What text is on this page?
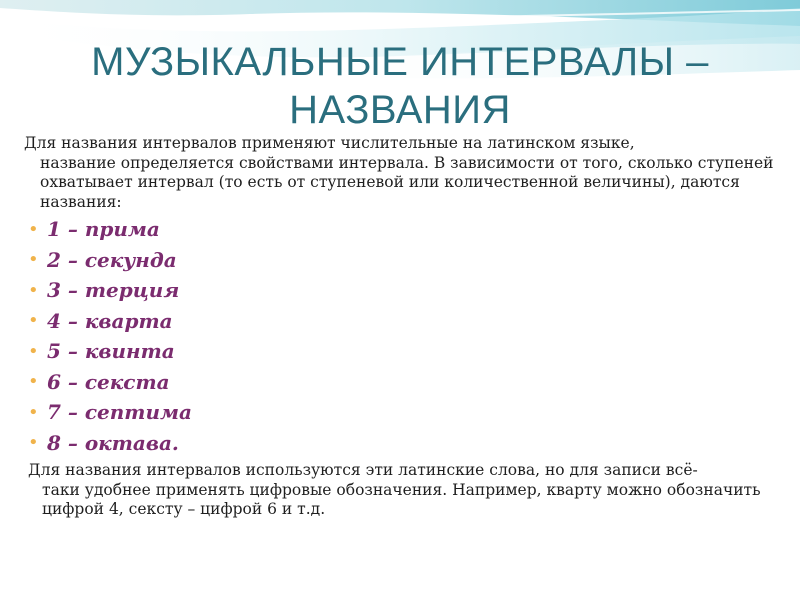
МУЗЫКАЛЬНЫЕ ИНТЕРВАЛЫ –
НАЗВАНИЯ

Для названия интервалов применяют числительные на латинском языке,
название определяется свойствами интервала. В зависимости от того, сколько ступеней охватывает интервал (то есть от ступеневой или количественной величины), даются названия:

• 1 – прима
• 2 – секунда
• 3 – терция
• 4 – кварта
• 5 – квинта
• 6 – секста
• 7 – септима
• 8 – октава.

Для названия интервалов используются эти латинские слова, но для записи всё-
таки удобнее применять цифровые обозначения. Например, кварту можно обозначить цифрой 4, сексту – цифрой 6 и т.д.
